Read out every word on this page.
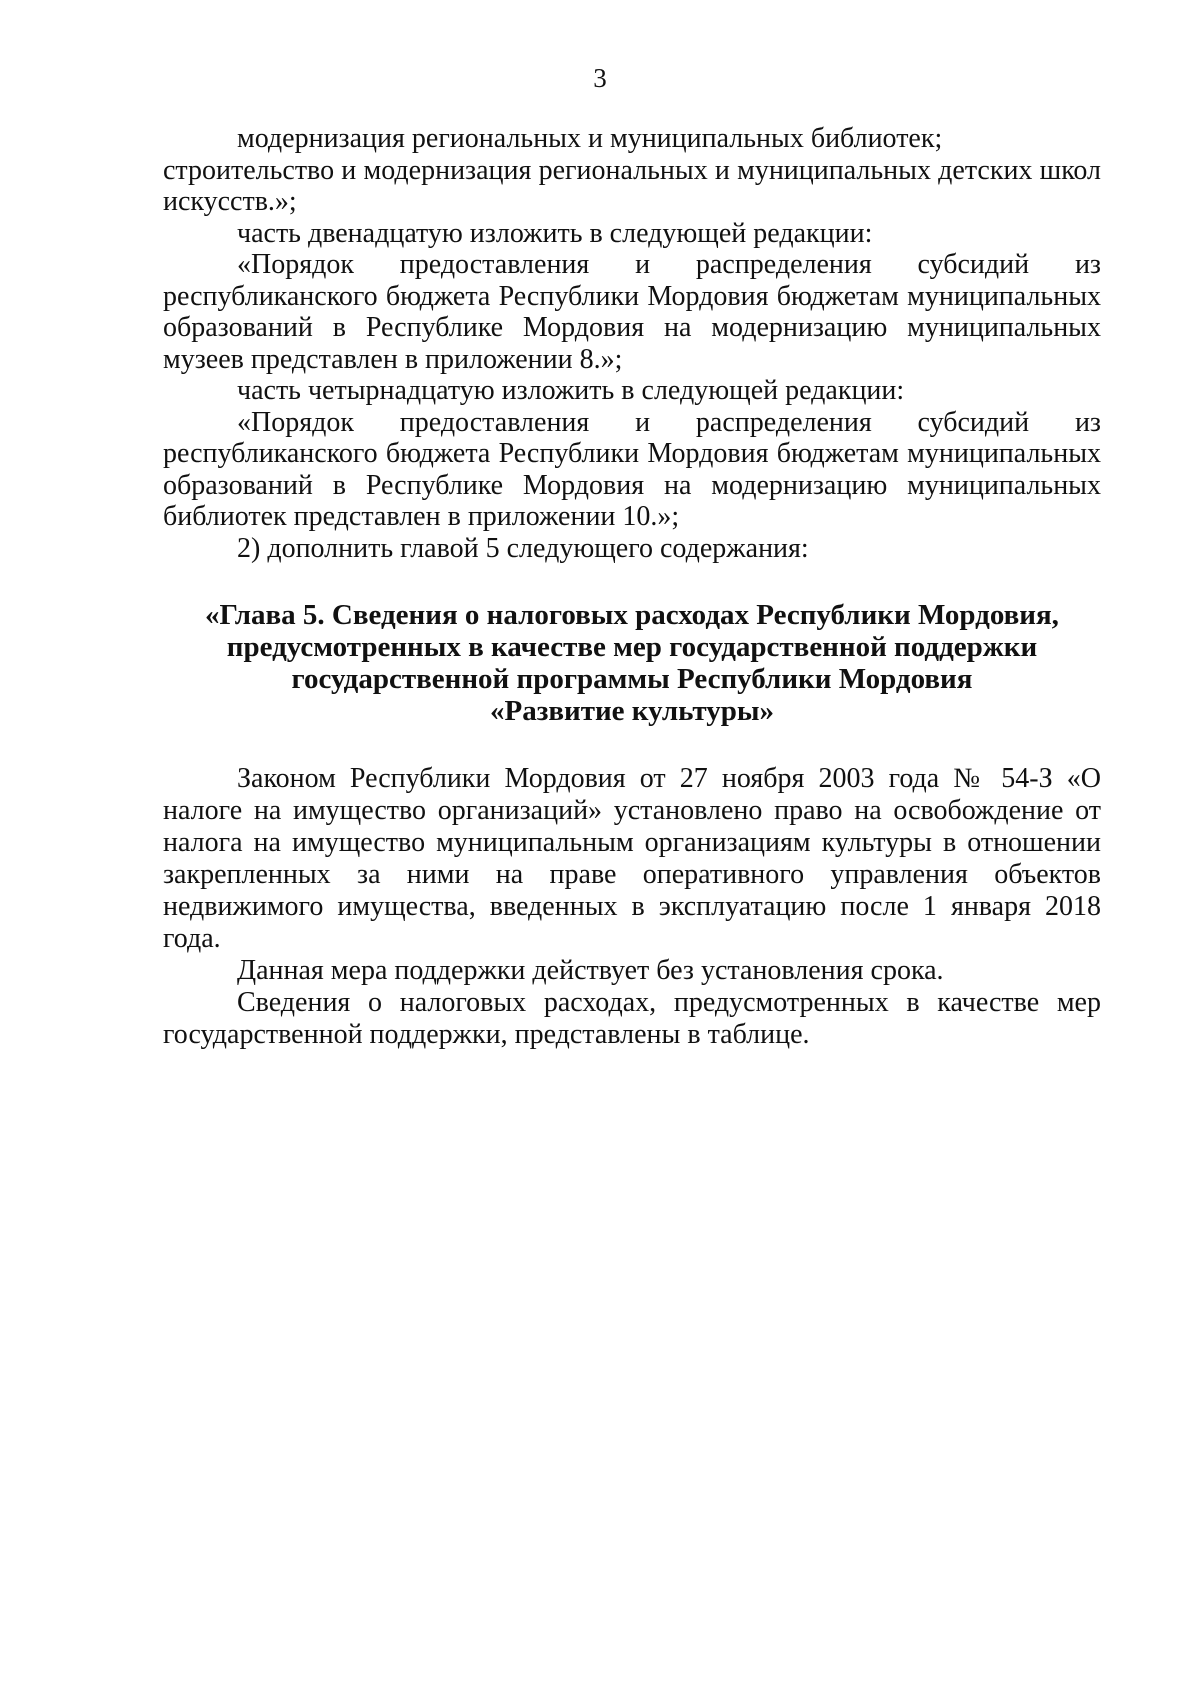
3

модернизация региональных и муниципальных библиотек;

строительство и модернизация региональных и муниципальных детских школ искусств.»;

часть двенадцатую изложить в следующей редакции:

«Порядок предоставления и распределения субсидий из республиканского бюджета Республики Мордовия бюджетам муниципальных образований в Республике Мордовия на модернизацию муниципальных музеев представлен в приложении 8.»;

часть четырнадцатую изложить в следующей редакции:

«Порядок предоставления и распределения субсидий из республиканского бюджета Республики Мордовия бюджетам муниципальных образований в Республике Мордовия на модернизацию муниципальных библиотек представлен в приложении 10.»;

2) дополнить главой 5 следующего содержания:

«Глава 5. Сведения о налоговых расходах Республики Мордовия,
предусмотренных в качестве мер государственной поддержки
государственной программы Республики Мордовия
«Развитие культуры»

Законом Республики Мордовия от 27 ноября 2003 года № 54-З «О налоге на имущество организаций» установлено право на освобождение от налога на имущество муниципальным организациям культуры в отношении закрепленных за ними на праве оперативного управления объектов недвижимого имущества, введенных в эксплуатацию после 1 января 2018 года.

Данная мера поддержки действует без установления срока.

Сведения о налоговых расходах, предусмотренных в качестве мер государственной поддержки, представлены в таблице.
